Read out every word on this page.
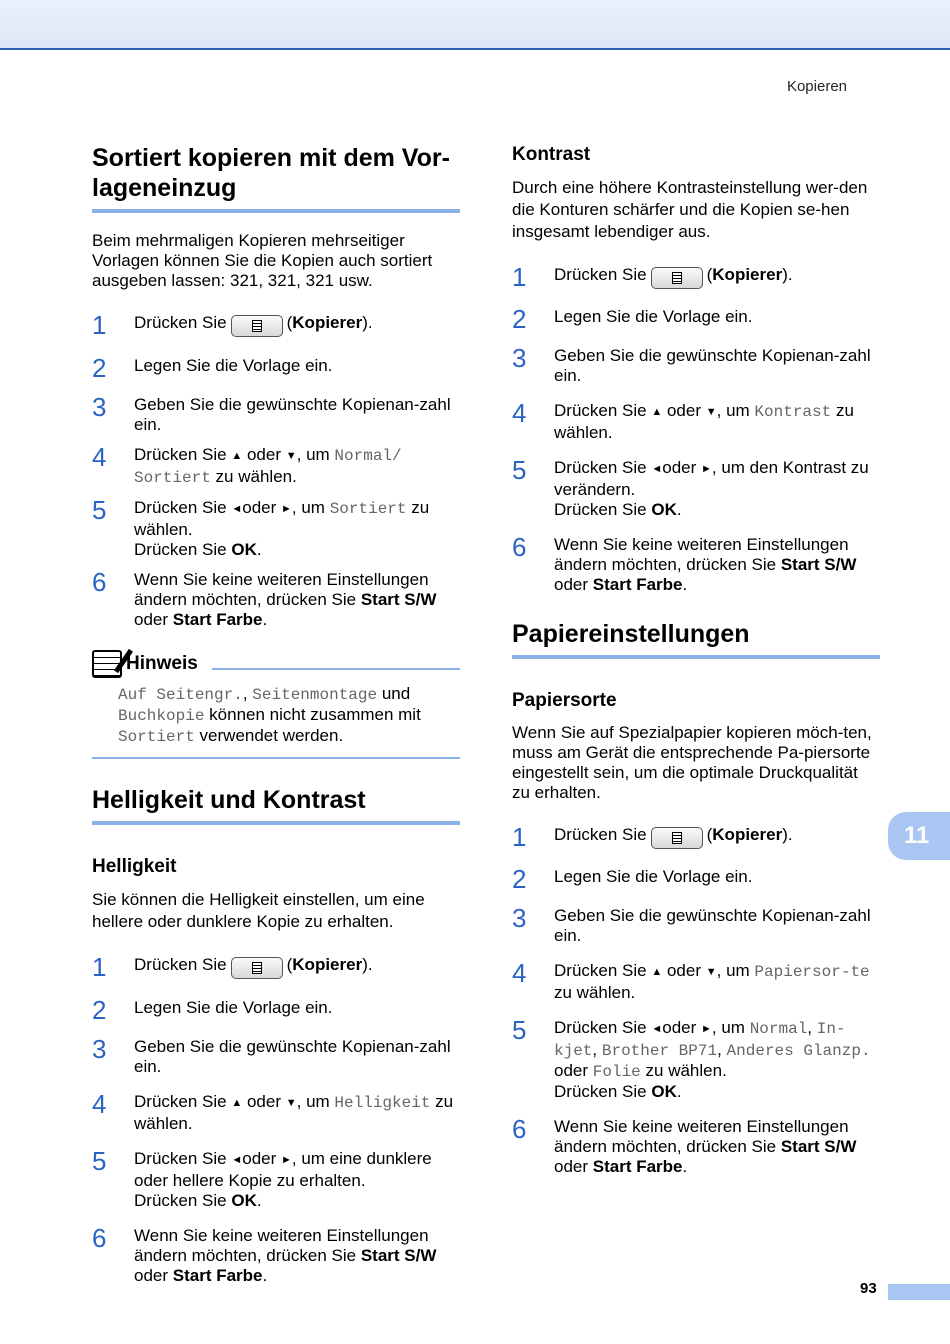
Kopieren
11
93
Sortiert kopieren mit dem Vor-lageneinzug

Beim mehrmaligen Kopieren mehrseitiger Vorlagen können Sie die Kopien auch sortiert ausgeben lassen: 321, 321, 321 usw.

1	Drücken Sie	(Kopierer).
2	Legen Sie die Vorlage ein.
3	Geben Sie die gewünschte Kopienan-zahl ein.
4	Drücken Sie ▲ oder ▼, um Normal/ Sortiert zu wählen.
5	Drücken Sie ◄oder ►, um Sortiert zu wählen.
Drücken Sie OK.
6	Wenn Sie keine weiteren Einstellungen ändern möchten, drücken Sie Start S/W oder Start Farbe.
Hinweis

Auf Seitengr., Seitenmontage und Buchkopie können nicht zusammen mit Sortiert verwendet werden.

Helligkeit und Kontrast
Helligkeit

Sie können die Helligkeit einstellen, um eine hellere oder dunklere Kopie zu erhalten.

1	Drücken Sie	(Kopierer).
2	Legen Sie die Vorlage ein.
3	Geben Sie die gewünschte Kopienan-zahl ein.
4	Drücken Sie ▲ oder ▼, um Helligkeit zu wählen.
5	Drücken Sie ◄oder ►, um eine dunklere oder hellere Kopie zu erhalten.
Drücken Sie OK.
6	Wenn Sie keine weiteren Einstellungen ändern möchten, drücken Sie Start S/W oder Start Farbe.
Kontrast

Durch eine höhere Kontrasteinstellung wer-den die Konturen schärfer und die Kopien se-hen insgesamt lebendiger aus.

1	Drücken Sie	(Kopierer).
2	Legen Sie die Vorlage ein.
3	Geben Sie die gewünschte Kopienan-zahl ein.
4	Drücken Sie ▲ oder ▼, um Kontrast zu wählen.
5	Drücken Sie ◄oder ►, um den Kontrast zu verändern.
Drücken Sie OK.
6	Wenn Sie keine weiteren Einstellungen ändern möchten, drücken Sie Start S/W oder Start Farbe.
Papiereinstellungen
Papiersorte

Wenn Sie auf Spezialpapier kopieren möch-ten, muss am Gerät die entsprechende Pa-piersorte eingestellt sein, um die optimale Druckqualität zu erhalten.

1	Drücken Sie	(Kopierer).
2	Legen Sie die Vorlage ein.
3	Geben Sie die gewünschte Kopienan-zahl ein.
4	Drücken Sie ▲ oder ▼, um Papiersor-te zu wählen.
5	Drücken Sie ◄oder ►, um Normal, In-kjet, Brother BP71, Anderes Glanzp. oder Folie zu wählen.
Drücken Sie OK.
6	Wenn Sie keine weiteren Einstellungen ändern möchten, drücken Sie Start S/W oder Start Farbe.
